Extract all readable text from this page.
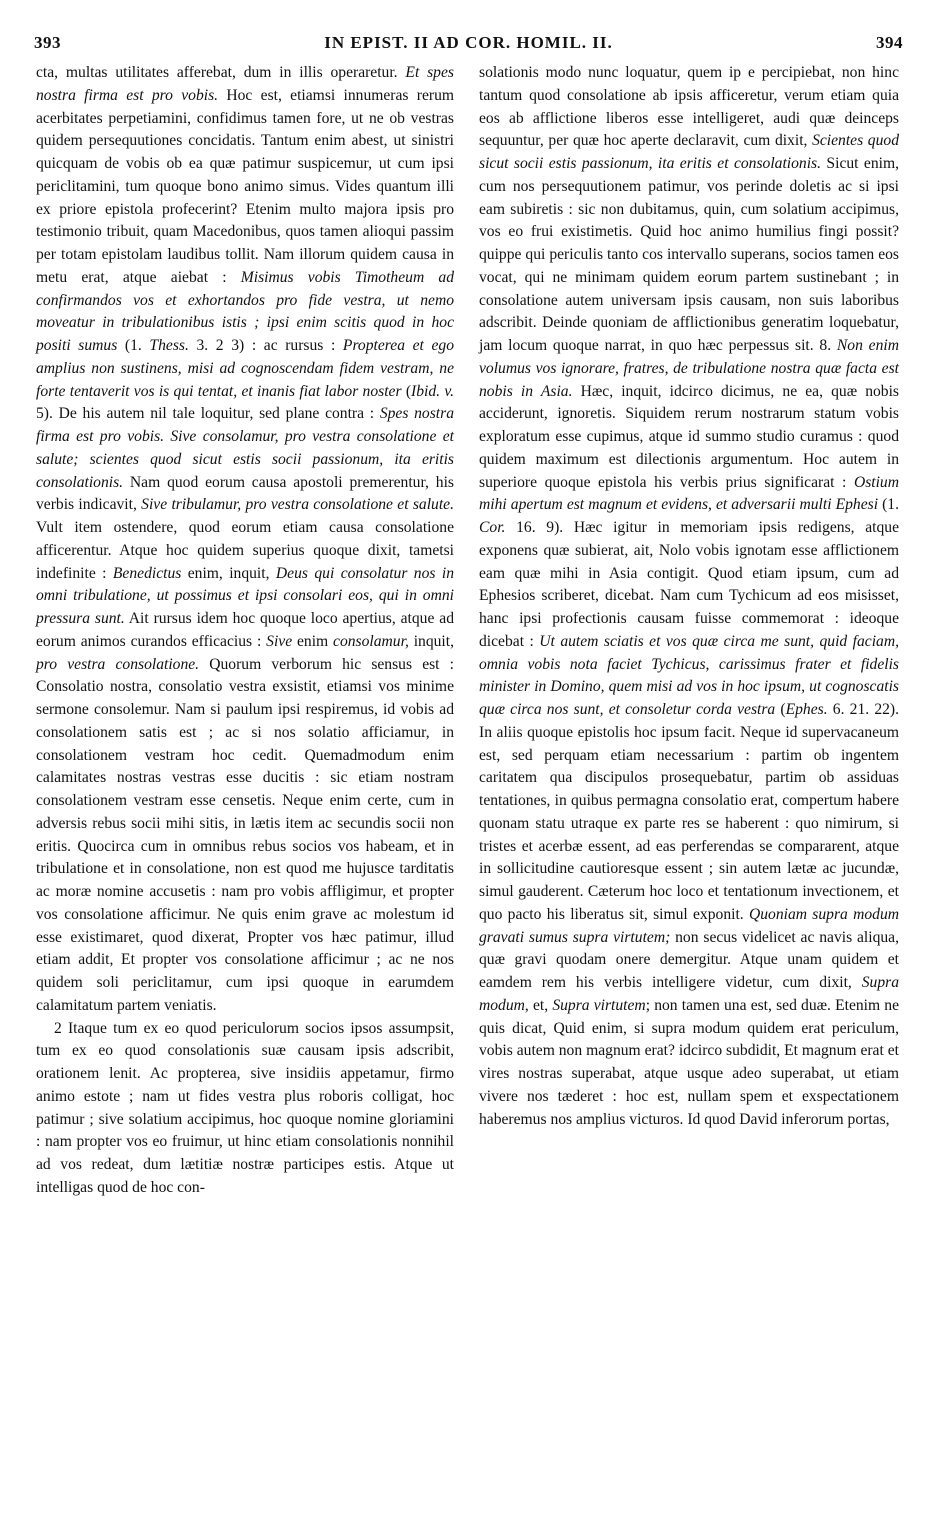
393	IN EPIST. II AD COR. HOMIL. II.	394

cta, multas utilitates afferebat, dum in illis operaretur. Et spes nostra firma est pro vobis. Hoc est, etiamsi innumeras rerum acerbitates perpetiamini, confidimus tamen fore, ut ne ob vestras quidem persequutiones concidatis. Tantum enim abest, ut sinistri quicquam de vobis ob ea quæ patimur suspicemur, ut cum ipsi periclitamini, tum quoque bono animo simus. Vides quantum illi ex priore epistola profecerint? Etenim multo majora ipsis pro testimonio tribuit, quam Macedonibus, quos tamen alioqui passim per totam epistolam laudibus tollit. Nam illorum quidem causa in metu erat, atque aiebat : Misimus vobis Timotheum ad confirmandos vos et exhortandos pro fide vestra, ut nemo moveatur in tribulationibus istis ; ipsi enim scitis quod in hoc positi sumus (1. Thess. 3. 2 3) : ac rursus : Propterea et ego amplius non sustinens, misi ad cognoscendam fidem vestram, ne forte tentaverit vos is qui tentat, et inanis fiat labor noster (Ibid. v. 5). De his autem nil tale loquitur, sed plane contra : Spes nostra firma est pro vobis. Sive consolamur, pro vestra consolatione et salute; scientes quod sicut estis socii passionum, ita eritis consolationis. Nam quod eorum causa apostoli premerentur, his verbis indicavit, Sive tribulamur, pro vestra consolatione et salute. Vult item ostendere, quod eorum etiam causa consolatione afficerentur. Atque hoc quidem superius quoque dixit, tametsi indefinite : Benedictus enim, inquit, Deus qui consolatur nos in omni tribulatione, ut possimus et ipsi consolari eos, qui in omni pressura sunt. Ait rursus idem hoc quoque loco apertius, atque ad eorum animos curandos efficacius : Sive enim consolamur, inquit, pro vestra consolatione. Quorum verborum hic sensus est : Consolatio nostra, consolatio vestra exsistit, etiamsi vos minime sermone consolemur. Nam si paulum ipsi respiremus, id vobis ad consolationem satis est ; ac si nos solatio afficiamur, in consolationem vestram hoc cedit. Quemadmodum enim calamitates nostras vestras esse ducitis : sic etiam nostram consolationem vestram esse censetis. Neque enim certe, cum in adversis rebus socii mihi sitis, in lætis item ac secundis socii non eritis. Quocirca cum in omnibus rebus socios vos habeam, et in tribulatione et in consolatione, non est quod me hujusce tarditatis ac moræ nomine accusetis : nam pro vobis affligimur, et propter vos consolatione afficimur. Ne quis enim grave ac molestum id esse existimaret, quod dixerat, Propter vos hæc patimur, illud etiam addit, Et propter vos consolatione afficimur ; ac ne nos quidem soli periclitamur, cum ipsi quoque in earumdem calamitatum partem veniatis.

2 Itaque tum ex eo quod periculorum socios ipsos assumpsit, tum ex eo quod consolationis suæ causam ipsis adscribit, orationem lenit. Ac propterea, sive insidiis appetamur, firmo animo estote ; nam ut fides vestra plus roboris colligat, hoc patimur ; sive solatium accipimus, hoc quoque nomine gloriamini : nam propter vos eo fruimur, ut hinc etiam consolationis nonnihil ad vos redeat, dum lætitiæ nostræ participes estis. Atque ut intelligas quod de hoc con-

solationis modo nunc loquatur, quem ip e percipiebat, non hinc tantum quod consolatione ab ipsis afficeretur, verum etiam quia eos ab afflictione liberos esse intelligeret, audi quæ deinceps sequuntur, per quæ hoc aperte declaravit, cum dixit, Scientes quod sicut socii estis passionum, ita eritis et consolationis. Sicut enim, cum nos persequutionem patimur, vos perinde doletis ac si ipsi eam subiretis : sic non dubitamus, quin, cum solatium accipimus, vos eo frui existimetis. Quid hoc animo humilius fingi possit? quippe qui periculis tanto cos intervallo superans, socios tamen eos vocat, qui ne minimam quidem eorum partem sustinebant ; in consolatione autem universam ipsis causam, non suis laboribus adscribit. Deinde quoniam de afflictionibus generatim loquebatur, jam locum quoque narrat, in quo hæc perpessus sit. 8. Non enim volumus vos ignorare, fratres, de tribulatione nostra quæ facta est nobis in Asia. Hæc, inquit, idcirco dicimus, ne ea, quæ nobis acciderunt, ignoretis. Siquidem rerum nostrarum statum vobis exploratum esse cupimus, atque id summo studio curamus : quod quidem maximum est dilectionis argumentum. Hoc autem in superiore quoque epistola his verbis prius significarat : Ostium mihi apertum est magnum et evidens, et adversarii multi Ephesi (1. Cor. 16. 9). Hæc igitur in memoriam ipsis redigens, atque exponens quæ subierat, ait, Nolo vobis ignotam esse afflictionem eam quæ mihi in Asia contigit. Quod etiam ipsum, cum ad Ephesios scriberet, dicebat. Nam cum Tychicum ad eos misisset, hanc ipsi profectionis causam fuisse commemorat : ideoque dicebat : Ut autem sciatis et vos quæ circa me sunt, quid faciam, omnia vobis nota faciet Tychicus, carissimus frater et fidelis minister in Domino, quem misi ad vos in hoc ipsum, ut cognoscatis quæ circa nos sunt, et consoletur corda vestra (Ephes. 6. 21. 22). In aliis quoque epistolis hoc ipsum facit. Neque id supervacaneum est, sed perquam etiam necessarium : partim ob ingentem caritatem qua discipulos prosequebatur, partim ob assiduas tentationes, in quibus permagna consolatio erat, compertum habere quonam statu utraque ex parte res se haberent : quo nimirum, si tristes et acerbæ essent, ad eas perferendas se compararent, atque in sollicitudine cautioresque essent ; sin autem lætæ ac jucundæ, simul gauderent. Cæterum hoc loco et tentationum invectionem, et quo pacto his liberatus sit, simul exponit. Quoniam supra modum gravati sumus supra virtutem; non secus videlicet ac navis aliqua, quæ gravi quodam onere demergitur. Atque unam quidem et eamdem rem his verbis intelligere videtur, cum dixit, Supra modum, et, Supra virtutem; non tamen una est, sed duæ. Etenim ne quis dicat, Quid enim, si supra modum quidem erat periculum, vobis autem non magnum erat? idcirco subdidit, Et magnum erat et vires nostras superabat, atque usque adeo superabat, ut etiam vivere nos tæderet : hoc est, nullam spem et exspectationem haberemus nos amplius victuros. Id quod David inferorum portas,
